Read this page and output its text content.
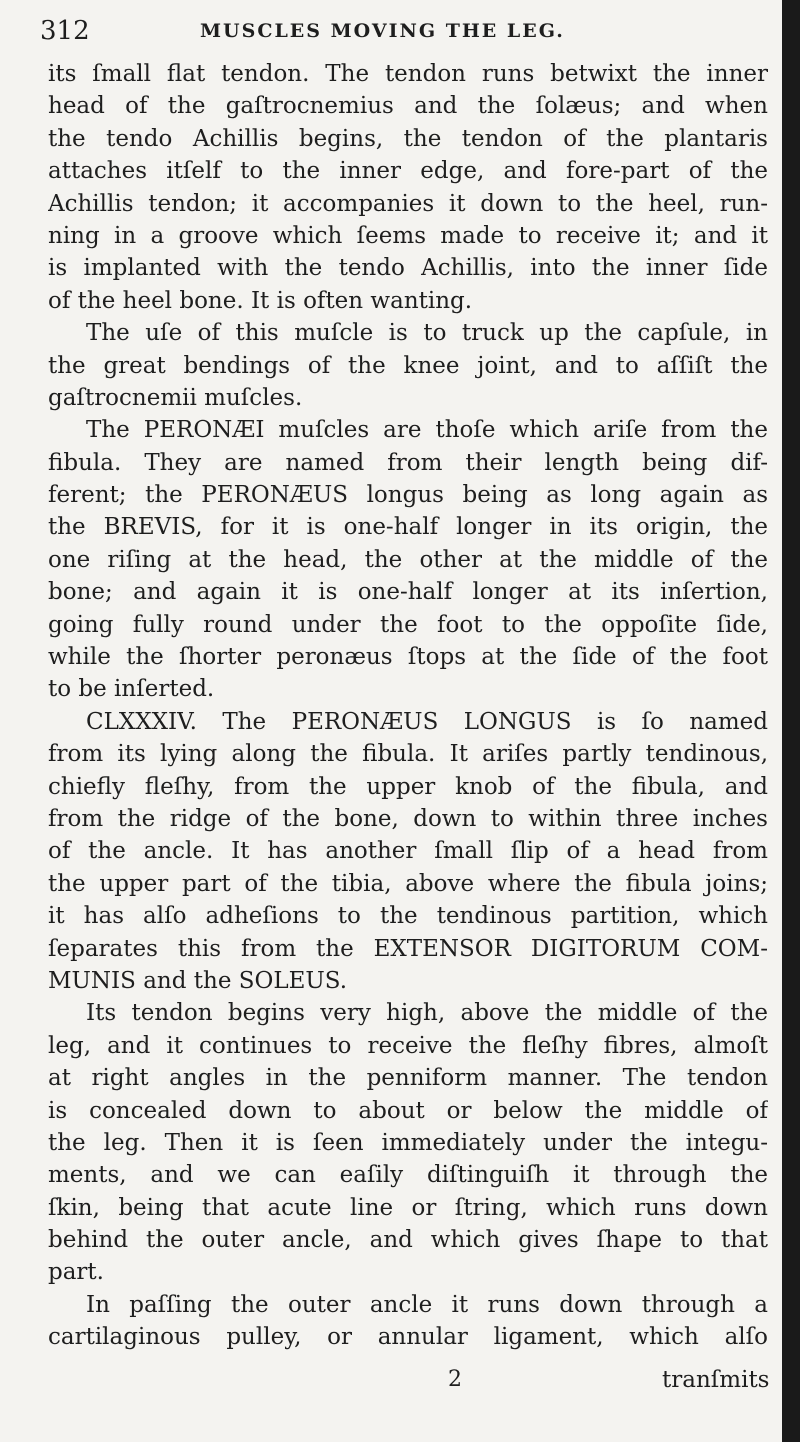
312	MUSCLES MOVING THE LEG.
its ſmall flat tendon. The tendon runs betwixt the inner
head of the gaſtrocnemius and the ſolæus; and when
the tendo Achillis begins, the tendon of the plantaris
attaches itſelf to the inner edge, and fore-part of the
Achillis tendon; it accompanies it down to the heel, run-
ning in a groove which ſeems made to receive it; and it
is implanted with the tendo Achillis, into the inner ſide
of the heel bone. It is often wanting.
The uſe of this muſcle is to truck up the capſule, in
the great bendings of the knee joint, and to aſſiſt the
gaſtrocnemii muſcles.
The PERONÆI muſcles are thoſe which ariſe from the
fibula. They are named from their length being dif-
ferent; the PERONÆUS longus being as long again as
the BREVIS, for it is one-half longer in its origin, the
one riſing at the head, the other at the middle of the
bone; and again it is one-half longer at its inſertion,
going fully round under the foot to the oppoſite ſide,
while the ſhorter peronæus ſtops at the ſide of the foot
to be inſerted.
CLXXXIV. The PERONÆUS LONGUS is ſo named
from its lying along the fibula. It ariſes partly tendinous,
chiefly fleſhy, from the upper knob of the fibula, and
from the ridge of the bone, down to within three inches
of the ancle. It has another ſmall ſlip of a head from
the upper part of the tibia, above where the fibula joins;
it has alſo adheſions to the tendinous partition, which
ſeparates this from the EXTENSOR DIGITORUM COM-
MUNIS and the SOLEUS.
Its tendon begins very high, above the middle of the
leg, and it continues to receive the fleſhy fibres, almoſt
at right angles in the penniform manner. The tendon
is concealed down to about or below the middle of
the leg. Then it is ſeen immediately under the integu-
ments, and we can eaſily diſtinguiſh it through the
ſkin, being that acute line or ſtring, which runs down
behind the outer ancle, and which gives ſhape to that
part.
In paſſing the outer ancle it runs down through a
cartilaginous pulley, or annular ligament, which alſo
2	tranſmits
